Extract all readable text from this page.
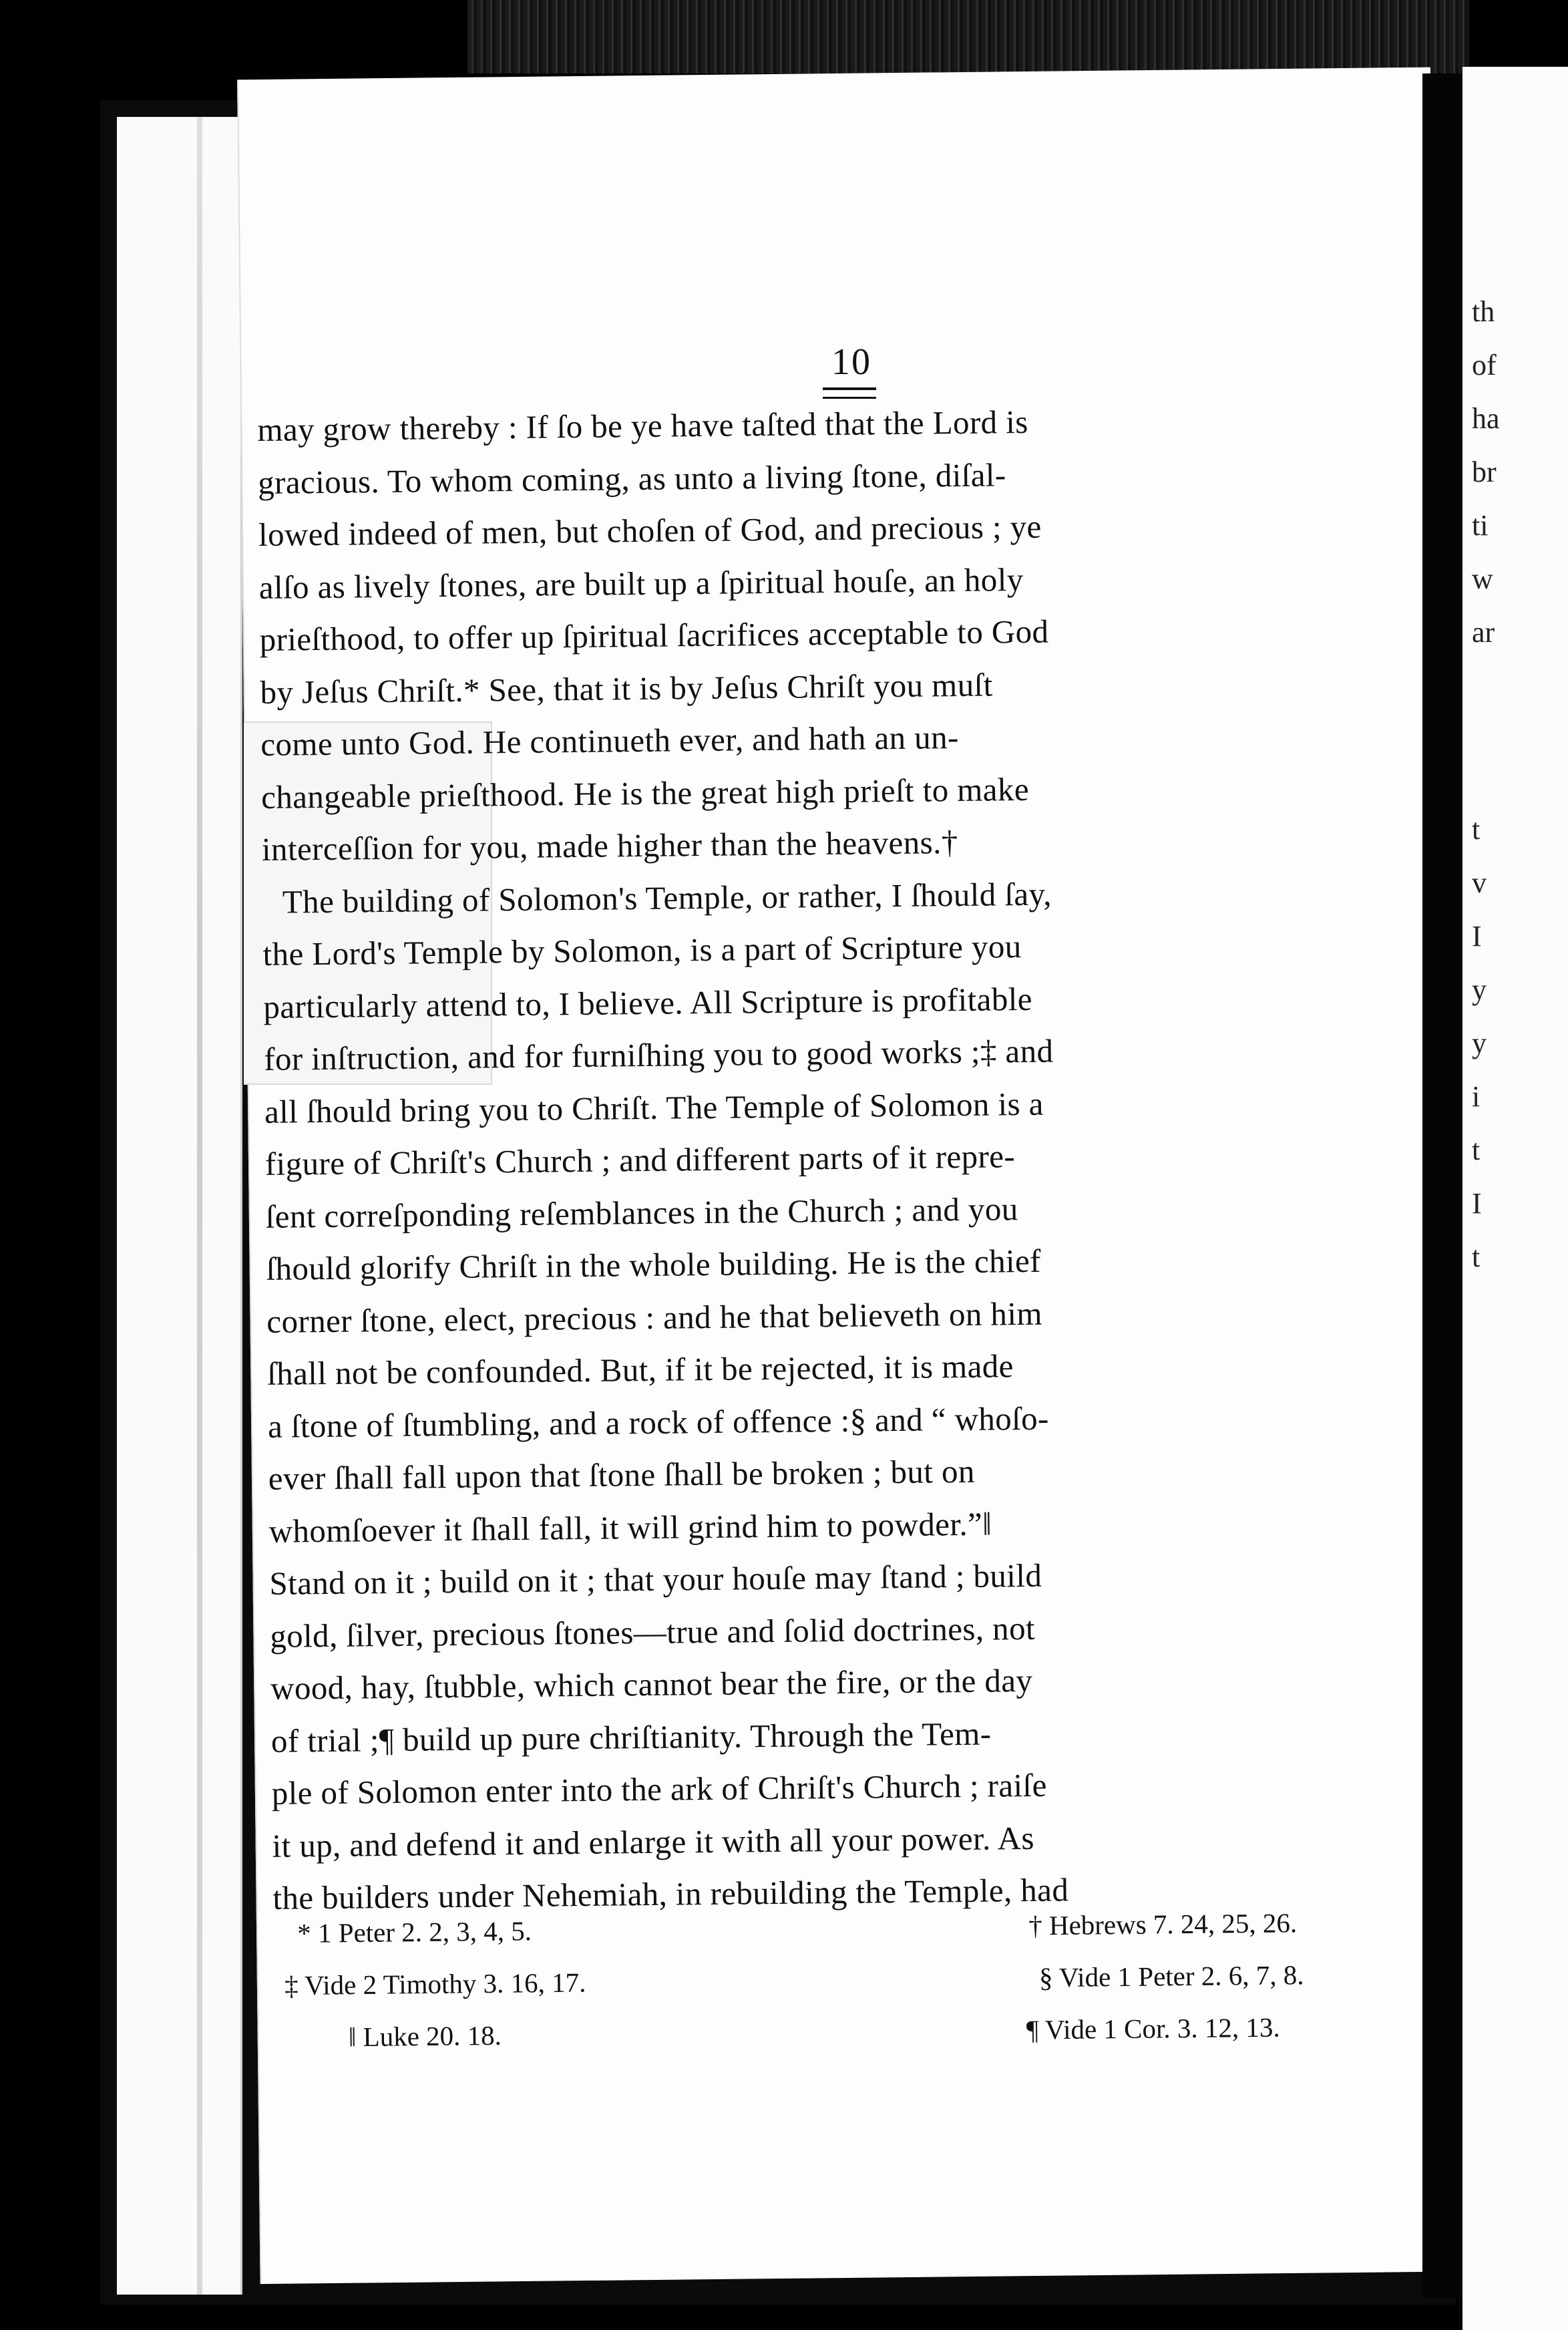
10
may grow thereby : If ſo be ye have taſted that the Lord is
gracious. To whom coming, as unto a living ſtone, diſal-
lowed indeed of men, but choſen of God, and precious ; ye
alſo as lively ſtones, are built up a ſpiritual houſe, an holy
prieſthood, to offer up ſpiritual ſacrifices acceptable to God
by Jeſus Chriſt.* See, that it is by Jeſus Chriſt you muſt
come unto God. He continueth ever, and hath an un-
changeable prieſthood. He is the great high prieſt to make
interceſſion for you, made higher than the heavens.†
The building of Solomon's Temple, or rather, I ſhould ſay,
the Lord's Temple by Solomon, is a part of Scripture you
particularly attend to, I believe. All Scripture is profitable
for inſtruction, and for furniſhing you to good works ;‡ and
all ſhould bring you to Chriſt. The Temple of Solomon is a
figure of Chriſt's Church ; and different parts of it repre-
ſent correſponding reſemblances in the Church ; and you
ſhould glorify Chriſt in the whole building. He is the chief
corner ſtone, elect, precious : and he that believeth on him
ſhall not be confounded. But, if it be rejected, it is made
a ſtone of ſtumbling, and a rock of offence :§ and “ whoſo-
ever ſhall fall upon that ſtone ſhall be broken ; but on
whomſoever it ſhall fall, it will grind him to powder.”‖
Stand on it ; build on it ; that your houſe may ſtand ; build
gold, ſilver, precious ſtones—true and ſolid doctrines, not
wood, hay, ſtubble, which cannot bear the fire, or the day
of trial ;¶ build up pure chriſtianity. Through the Tem-
ple of Solomon enter into the ark of Chriſt's Church ; raiſe
it up, and defend it and enlarge it with all your power. As
the builders under Nehemiah, in rebuilding the Temple, had
* 1 Peter 2. 2, 3, 4, 5.	† Hebrews 7. 24, 25, 26.
‡ Vide 2 Timothy 3. 16, 17.	§ Vide 1 Peter 2. 6, 7, 8.
‖ Luke 20. 18.	¶ Vide 1 Cor. 3. 12, 13.
th
of
ha
br
ti
w
ar
t
v
I
y
y
i
t
I
t
